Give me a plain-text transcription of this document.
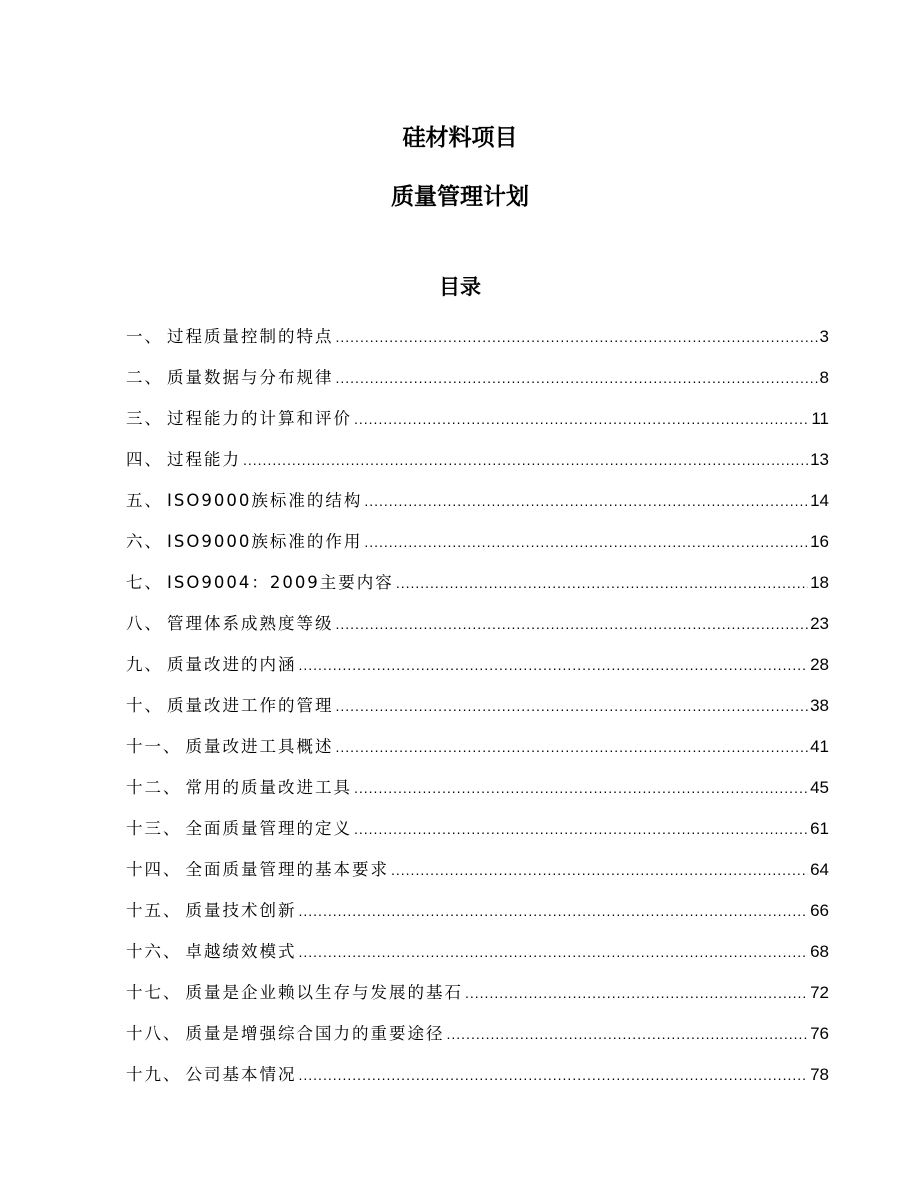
硅材料项目
质量管理计划
目录
一、 过程质量控制的特点 .....	3
二、 质量数据与分布规律 .....	8
三、 过程能力的计算和评价 .....	11
四、 过程能力 .....	13
五、 ISO9000族标准的结构 .....	14
六、 ISO9000族标准的作用 .....	16
七、 ISO9004：2009主要内容 .....	18
八、 管理体系成熟度等级 .....	23
九、 质量改进的内涵 .....	28
十、 质量改进工作的管理 .....	38
十一、 质量改进工具概述 .....	41
十二、 常用的质量改进工具 .....	45
十三、 全面质量管理的定义 .....	61
十四、 全面质量管理的基本要求 .....	64
十五、 质量技术创新 .....	66
十六、 卓越绩效模式 .....	68
十七、 质量是企业赖以生存与发展的基石 .....	72
十八、 质量是增强综合国力的重要途径 .....	76
十九、 公司基本情况 .....	78
